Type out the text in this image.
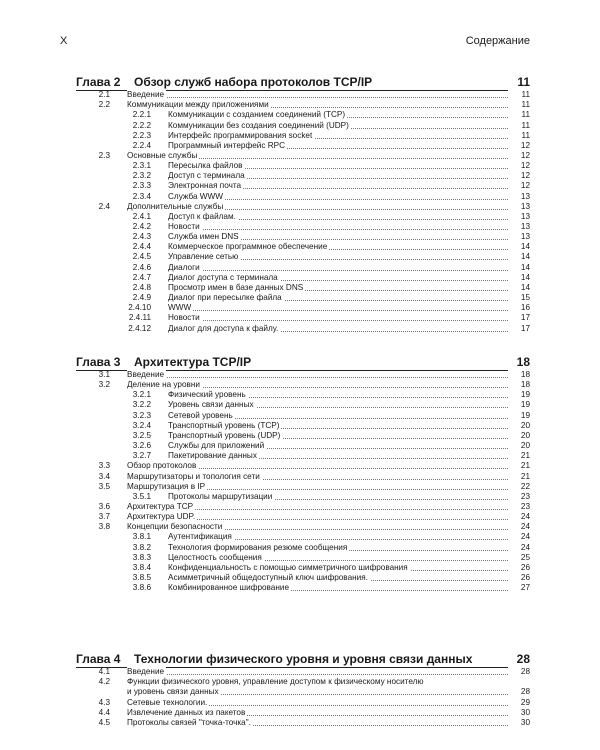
X	Содержание
Глава 2 Обзор служб набора протоколов TCP/IP	11
2.1 Введение	11
2.2 Коммуникации между приложениями	11
2.2.1 Коммуникации с созданием соединений (TCP)	11
2.2.2 Коммуникации без создания соединений (UDP)	11
2.2.3 Интерфейс программирования socket	11
2.2.4 Программный интерфейс RPC	12
2.3 Основные службы	12
2.3.1 Пересылка файлов	12
2.3.2 Доступ с терминала	12
2.3.3 Электронная почта	12
2.3.4 Служба WWW	13
2.4 Дополнительные службы	13
2.4.1 Доступ к файлам.	13
2.4.2 Новости	13
2.4.3 Служба имен DNS	13
2.4.4 Коммерческое программное обеспечение	14
2.4.5 Управление сетью	14
2.4.6 Диалоги	14
2.4.7 Диалог доступа с терминала	14
2.4.8 Просмотр имен в базе данных DNS	14
2.4.9 Диалог при пересылке файла	15
2.4.10 WWW	16
2.4.11 Новости	17
2.4.12 Диалог для доступа к файлу.	17
Глава 3 Архитектура TCP/IP	18
3.1 Введение	18
3.2 Деление на уровни	18
3.2.1 Физический уровень	19
3.2.2 Уровень связи данных	19
3.2.3 Сетевой уровень	19
3.2.4 Транспортный уровень (TCP)	20
3.2.5 Транспортный уровень (UDP)	20
3.2.6 Службы для приложений	20
3.2.7 Пакетирование данных	21
3.3 Обзор протоколов	21
3.4 Маршрутизаторы и топология сети	21
3.5 Маршрутизация в IP	22
3.5.1 Протоколы маршрутизации	23
3.6 Архитектура TCP	23
3.7 Архитектура UDP.	24
3.8 Концепции безопасности	24
3.8.1 Аутентификация	24
3.8.2 Технология формирования резюме сообщения	24
3.8.3 Целостность сообщения	25
3.8.4 Конфиденциальность с помощью симметричного шифрования	26
3.8.5 Асимметричный общедоступный ключ шифрования.	26
3.8.6 Комбинированное шифрование	27
Глава 4 Технологии физического уровня и уровня связи данных	28
4.1 Введение	28
4.2 Функции физического уровня, управление доступом к физическому носителю
и уровень связи данных	28
4.3 Сетевые технологии.	29
4.4 Извлечение данных из пакетов	30
4.5 Протоколы связей "точка-точка".	30
